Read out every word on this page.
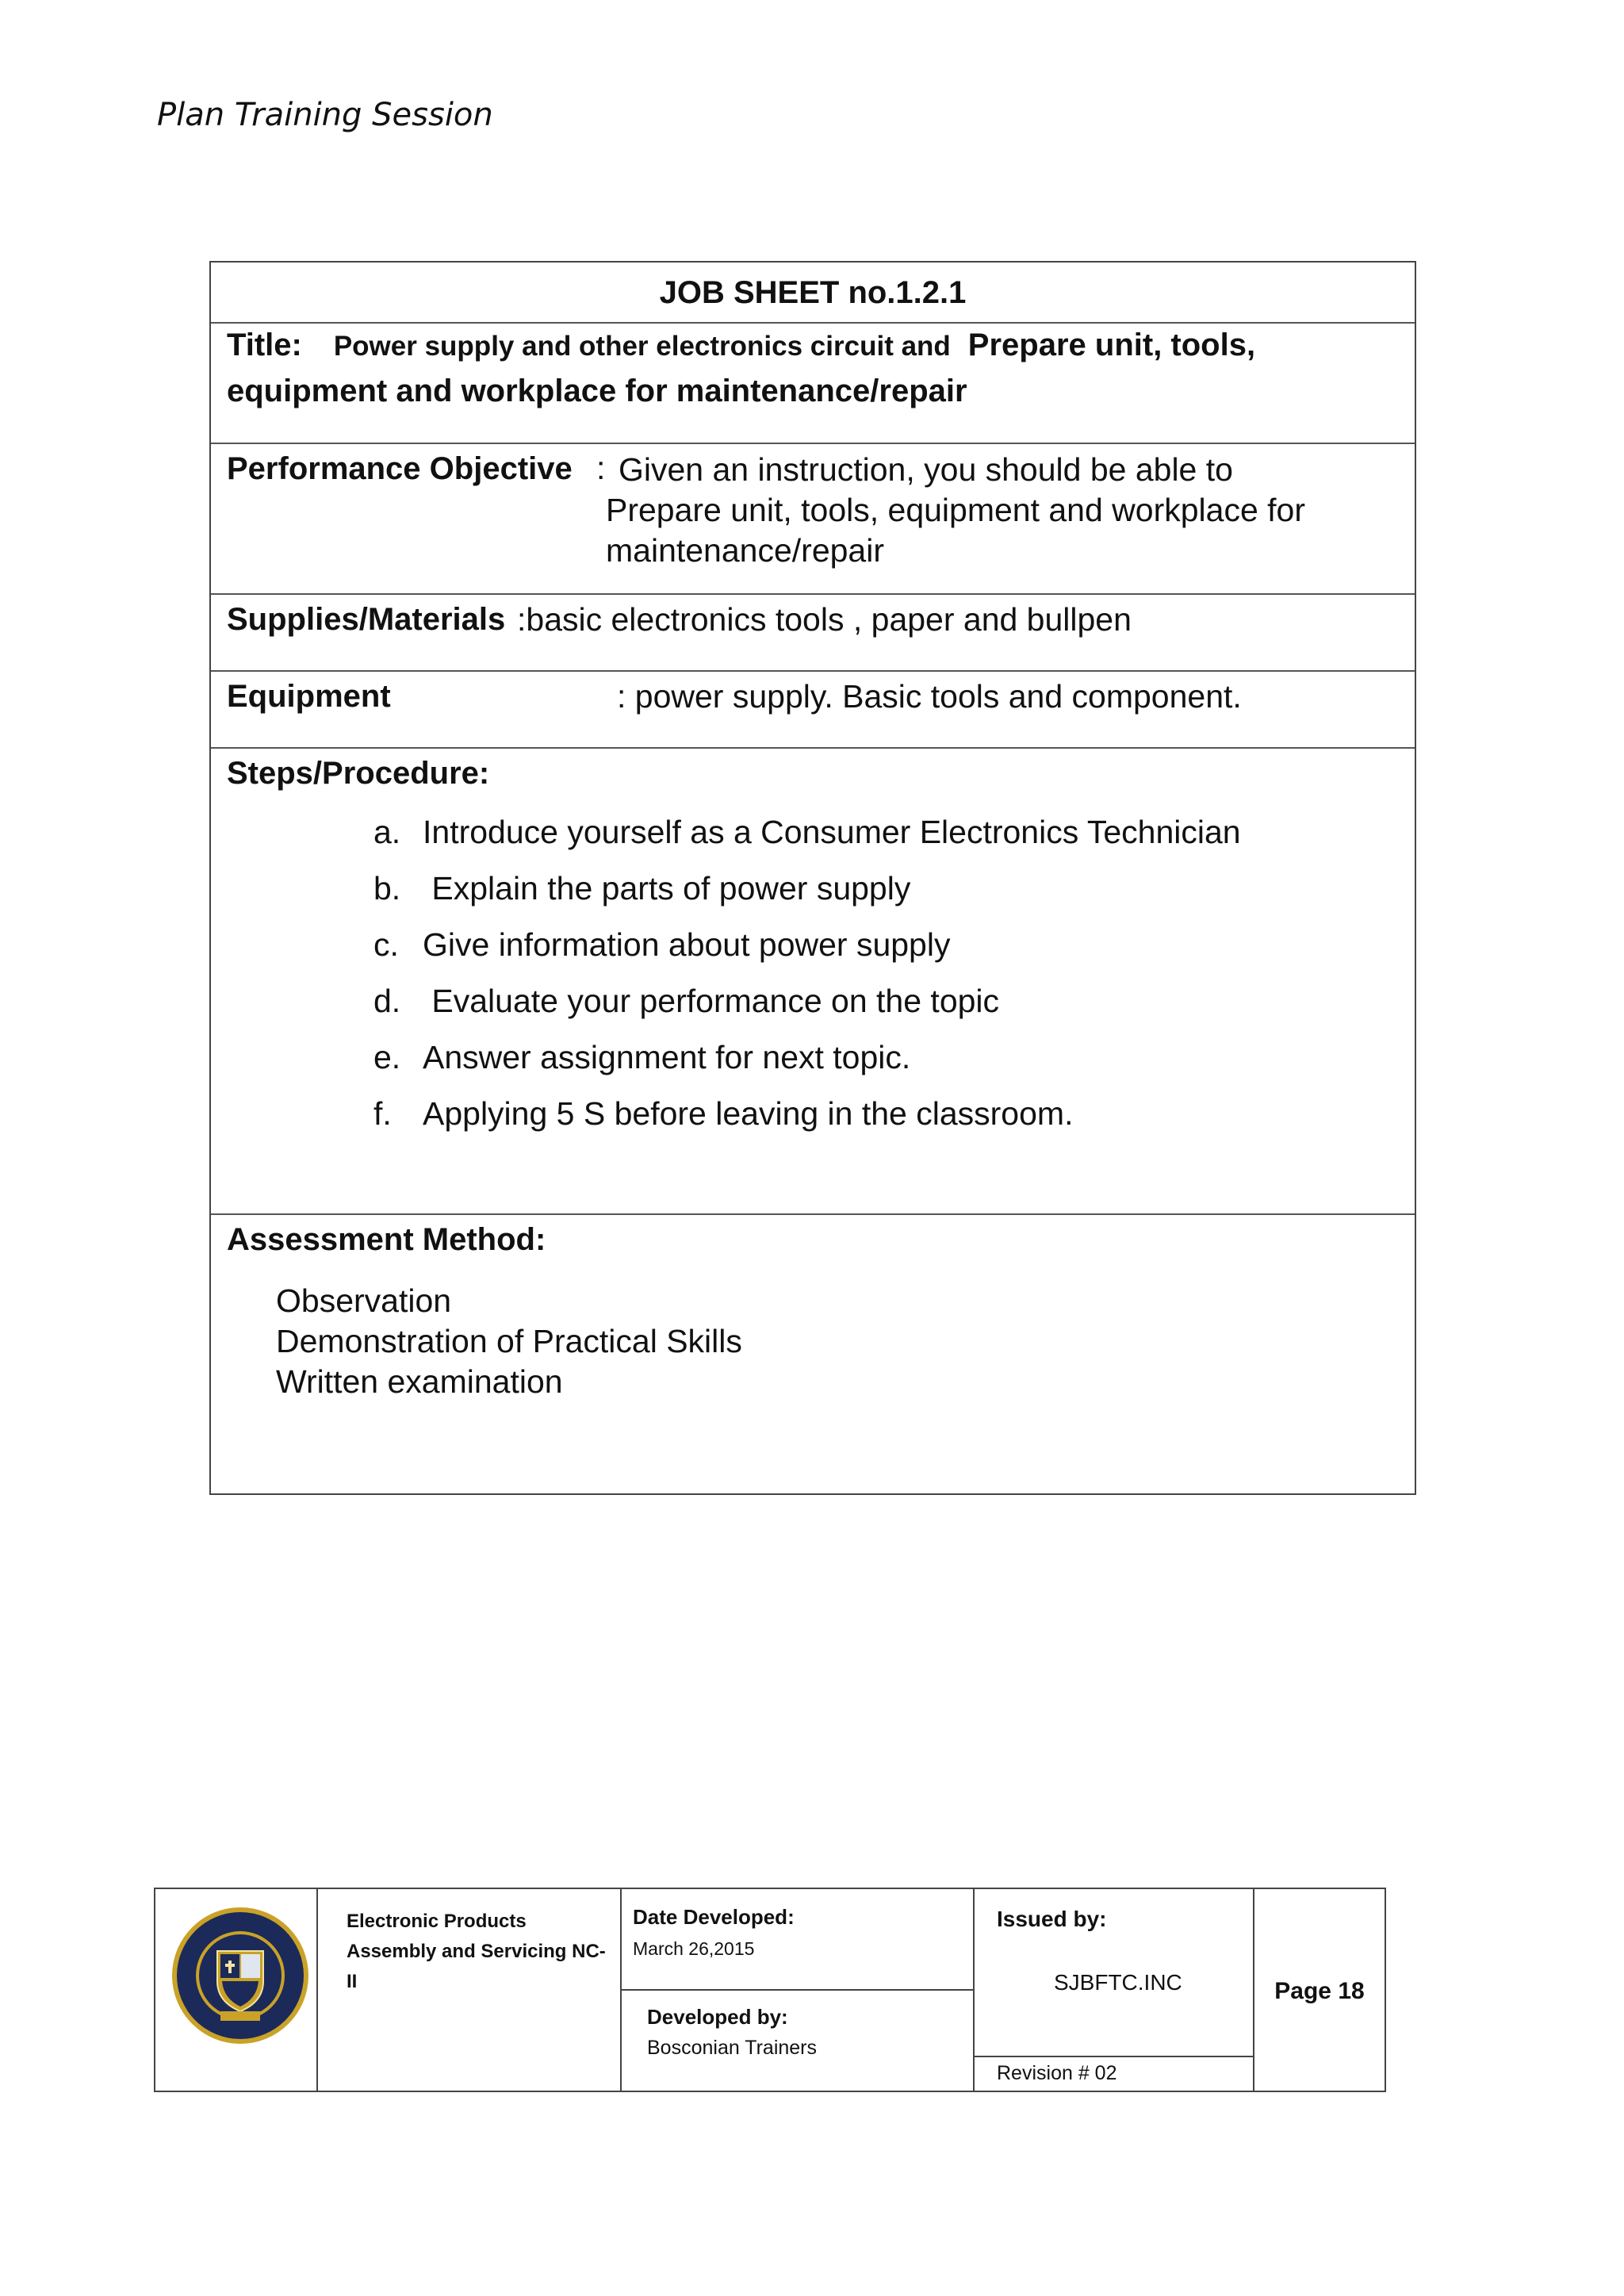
Plan Training Session
JOB SHEET no.1.2.1
Title: Power supply and other electronics circuit and Prepare unit, tools,
equipment and workplace for maintenance/repair
Performance Objective : Given an instruction, you should be able to
Prepare unit, tools, equipment and workplace for
maintenance/repair
Supplies/Materials :basic electronics tools , paper and bullpen
Equipment	: power supply. Basic tools and component.
Steps/Procedure:
a. Introduce yourself as a Consumer Electronics Technician
b. Explain the parts of power supply
c. Give information about power supply
d. Evaluate your performance on the topic
e. Answer assignment for next topic.
f. Applying 5 S before leaving in the classroom.
Assessment Method:
Observation
Demonstration of Practical Skills
Written examination
Electronic Products
Assembly and Servicing NC-
II
Date Developed:
March 26,2015
Developed by:
Bosconian Trainers
Issued by:
SJBFTC.INC
Revision # 02
Page 18
